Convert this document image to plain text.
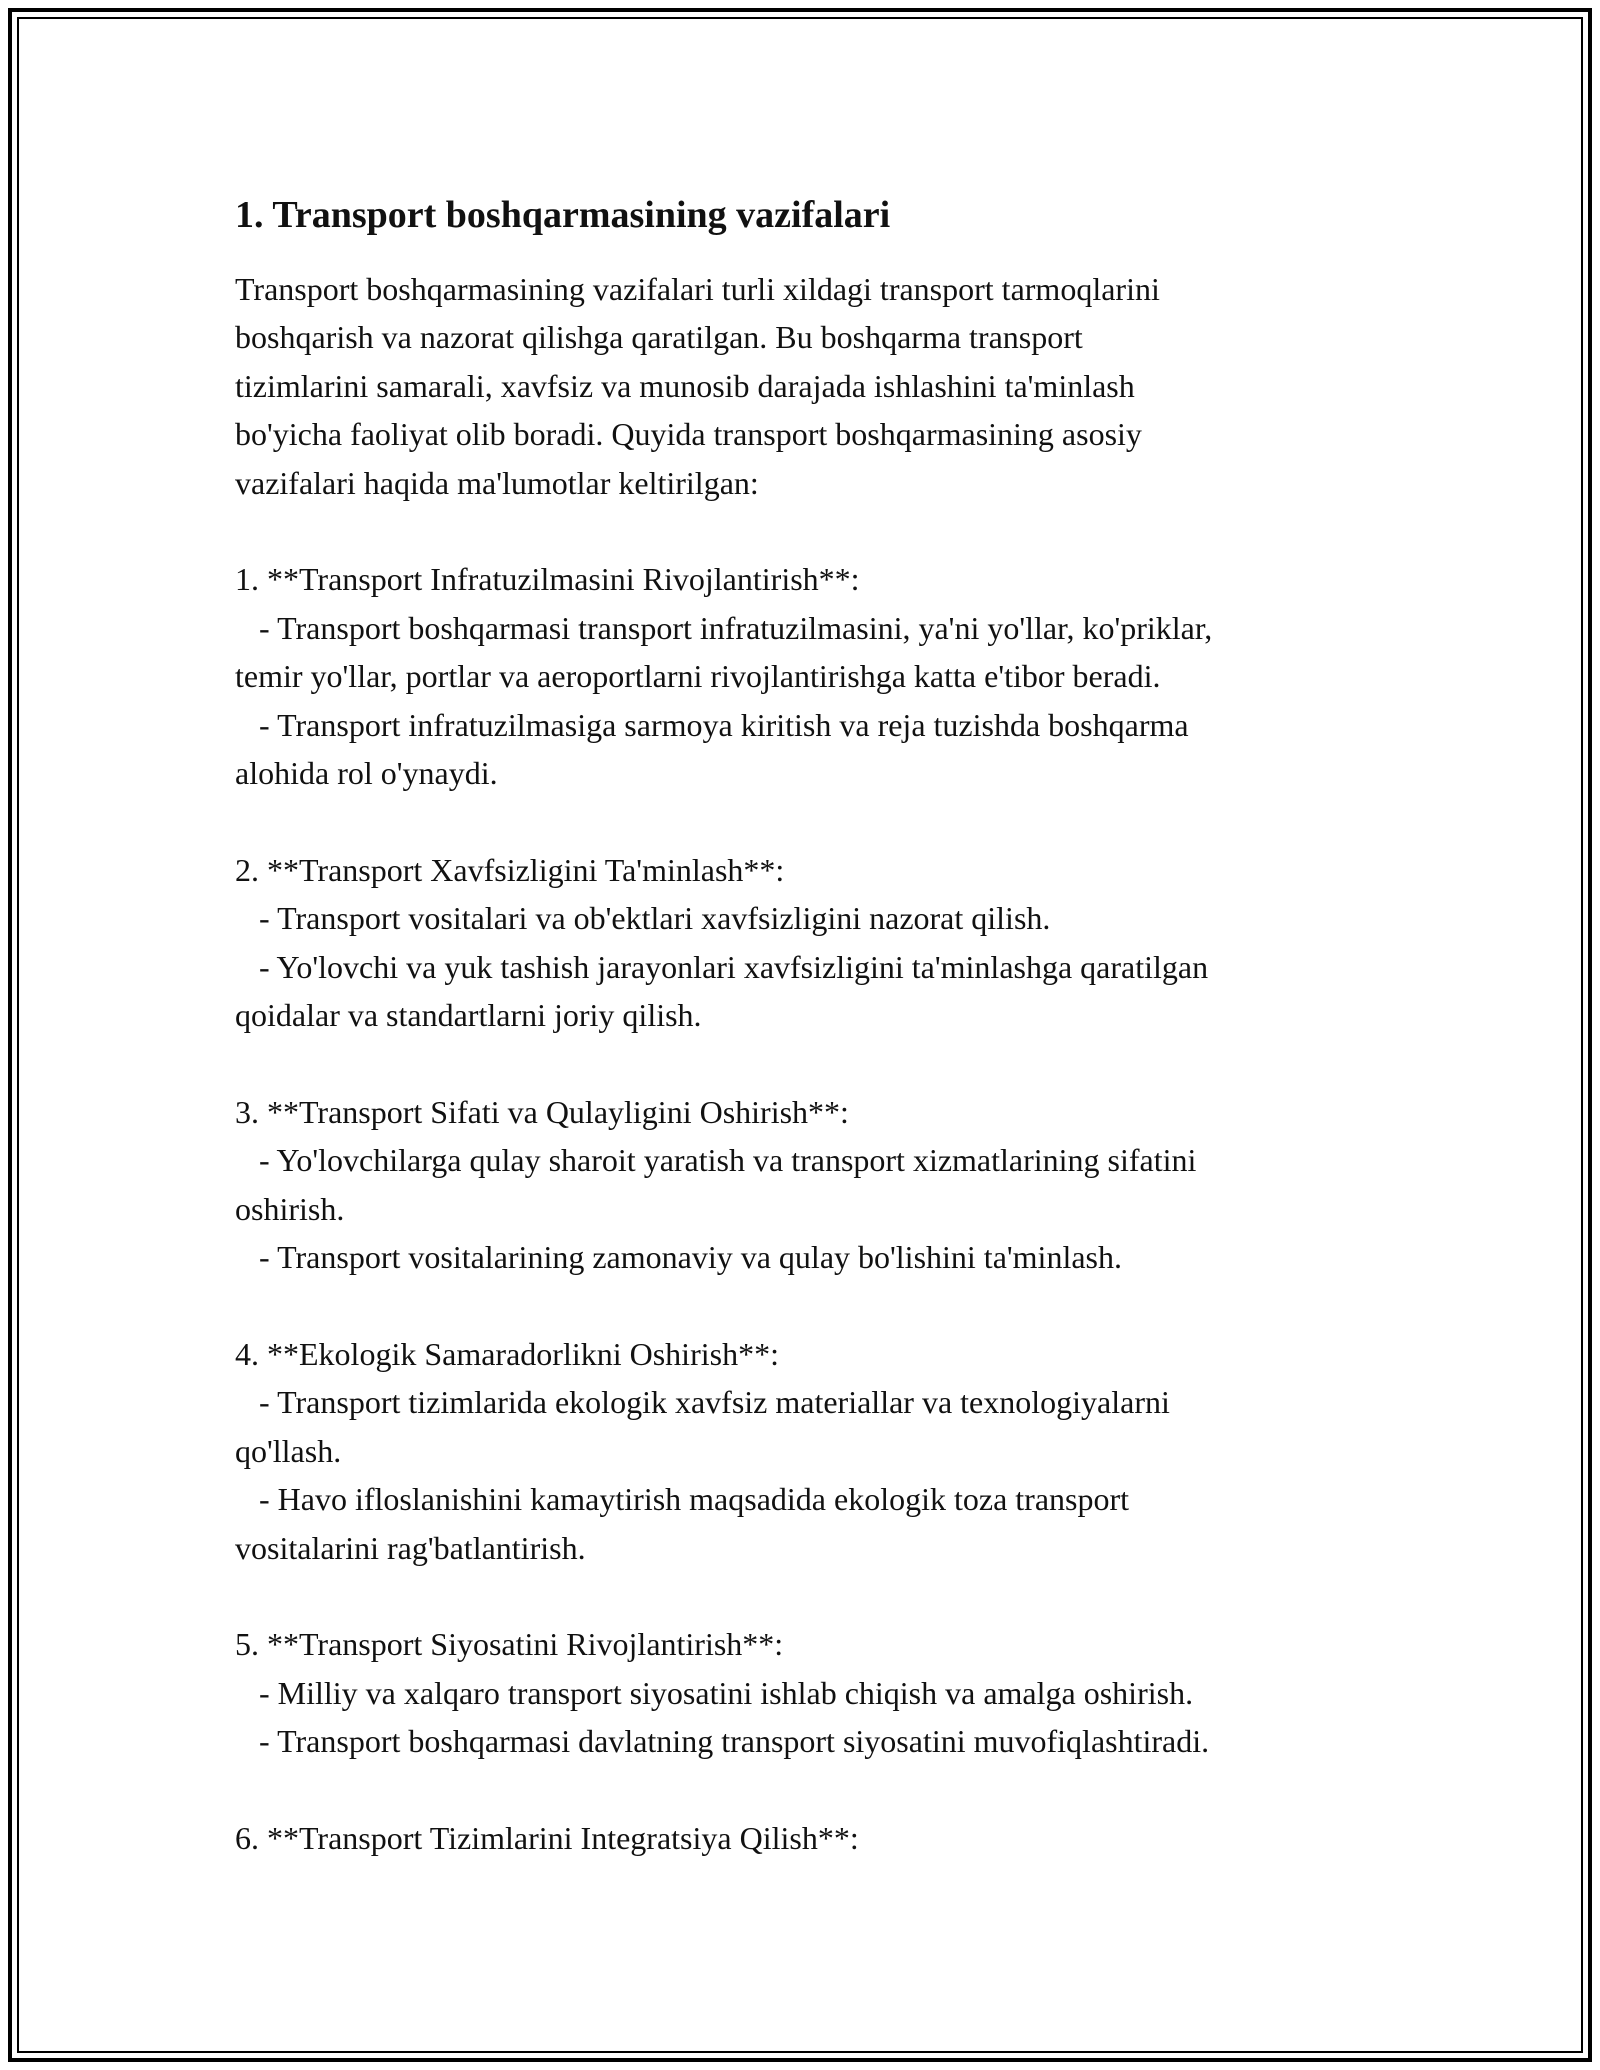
1. Transport boshqarmasining vazifalari
Transport boshqarmasining vazifalari turli xildagi transport tarmoqlarini
boshqarish va nazorat qilishga qaratilgan. Bu boshqarma transport
tizimlarini samarali, xavfsiz va munosib darajada ishlashini ta'minlash
bo'yicha faoliyat olib boradi. Quyida transport boshqarmasining asosiy
vazifalari haqida ma'lumotlar keltirilgan:
1. **Transport Infratuzilmasini Rivojlantirish**:
- Transport boshqarmasi transport infratuzilmasini, ya'ni yo'llar, ko'priklar,
temir yo'llar, portlar va aeroportlarni rivojlantirishga katta e'tibor beradi.
- Transport infratuzilmasiga sarmoya kiritish va reja tuzishda boshqarma
alohida rol o'ynaydi.
2. **Transport Xavfsizligini Ta'minlash**:
- Transport vositalari va ob'ektlari xavfsizligini nazorat qilish.
- Yo'lovchi va yuk tashish jarayonlari xavfsizligini ta'minlashga qaratilgan
qoidalar va standartlarni joriy qilish.
3. **Transport Sifati va Qulayligini Oshirish**:
- Yo'lovchilarga qulay sharoit yaratish va transport xizmatlarining sifatini
oshirish.
- Transport vositalarining zamonaviy va qulay bo'lishini ta'minlash.
4. **Ekologik Samaradorlikni Oshirish**:
- Transport tizimlarida ekologik xavfsiz materiallar va texnologiyalarni
qo'llash.
- Havo ifloslanishini kamaytirish maqsadida ekologik toza transport
vositalarini rag'batlantirish.
5. **Transport Siyosatini Rivojlantirish**:
- Milliy va xalqaro transport siyosatini ishlab chiqish va amalga oshirish.
- Transport boshqarmasi davlatning transport siyosatini muvofiqlashtiradi.
6. **Transport Tizimlarini Integratsiya Qilish**:
